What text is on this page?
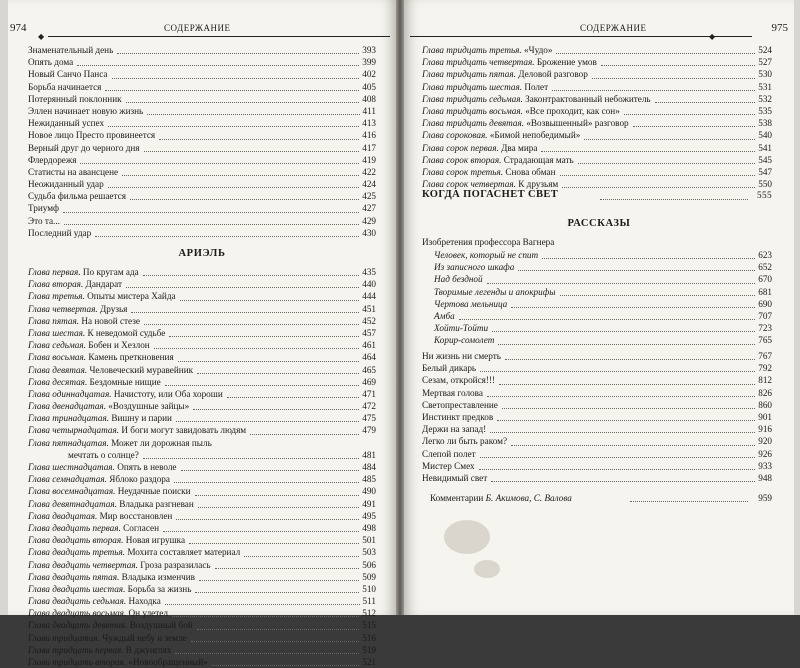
974	СОДЕРЖАНИЕ
◆
Знаменательный день	393
Опять дома	399
Новый Санчо Панса	402
Борьба начинается	405
Потерянный поклонник	408
Эллен начинает новую жизнь	411
Нежиданный успех	413
Новое лицо Престо провинеется	416
Верный друг до черного дня	417
Флердорежя	419
Статисты на авансцене	422
Неожиданный удар	424
Судьба фильма решается	425
Триумф	427
Это та...	429
Последний удар	430
АРИЭЛЬ
Глава первая. По кругам ада	435
Глава вторая. Дандарат	440
Глава третья. Опыты мистера Хайда	444
Глава четвертая. Друзья	451
Глава пятая. На новой стезе	452
Глава шестая. К неведомой судьбе	457
Глава седьмая. Бобен и Хезлон	461
Глава восьмая. Камень преткновения	464
Глава девятая. Человеческий муравейник	465
Глава десятая. Бездомные нищие	469
Глава одиннадцатая. Начистоту, или Оба хороши	471
Глава двенадцатая. «Воздушные зайцы»	472
Глава тринадцатая. Вишну и парии	475
Глава четырнадцатая. И боги могут завидовать людям	479
Глава пятнадцатая. Может ли дорожная пыль
мечтать о солнце?	481
Глава шестнадцатая. Опять в неволе	484
Глава семнадцатая. Яблоко раздора	485
Глава восемнадцатая. Неудачные поиски	490
Глава девятнадцатая. Владыка разгневан	491
Глава двадцатая. Мир восстановлен	495
Глава двадцать первая. Согласен	498
Глава двадцать вторая. Новая игрушка	501
Глава двадцать третья. Мохита составляет материал	503
Глава двадцать четвертая. Гроза разразилась	506
Глава двадцать пятая. Владыка изменчив	509
Глава двадцать шестая. Борьба за жизнь	510
Глава двадцать седьмая. Находка	511
Глава двадцать восьмая. Он улетел	512
Глава двадцать девятая. Воздушный бой	515
Глава тридцатая. Чуждый небу и земле	516
Глава тридцать первая. В джунглях	519
Глава тридцать вторая. «Новообращенный»	521
СОДЕРЖАНИЕ	975
◆
Глава тридцать третья. «Чудо»	524
Глава тридцать четвертая. Брожение умов	527
Глава тридцать пятая. Деловой разговор	530
Глава тридцать шестая. Полет	531
Глава тридцать седьмая. Законтрактованный небожитель	532
Глава тридцать восьмая. «Все проходит, как сон»	535
Глава тридцать девятая. «Возвышенный» разговор	538
Глава сороковая. «Бимой непобедимый»	540
Глава сорок первая. Два мира	541
Глава сорок вторая. Страдающая мать	545
Глава сорок третья. Снова обман	547
Глава сорок четвертая. К друзьям	550
КОГДА ПОГАСНЕТ СВЕТ	555
РАССКАЗЫ
Изобретения профессора Вагнера
Человек, который не спит	623
Из записного шкафа	652
Над бездной	670
Творимые легенды и апокрифы	681
Чертова мельница	690
Амба	707
Хойти-Тойти	723
Корир-сомолет	765
Ни жизнь ни смерть	767
Белый дикарь	792
Сезам, откройся!!!	812
Мертвая голова	826
Светопреставление	860
Инстинкт предков	901
Держи на запад!	916
Легко ли быть раком?	920
Слепой полет	926
Мистер Смех	933
Невидимый свет	948
Комментарии Б. Акимова, С. Валова	959
